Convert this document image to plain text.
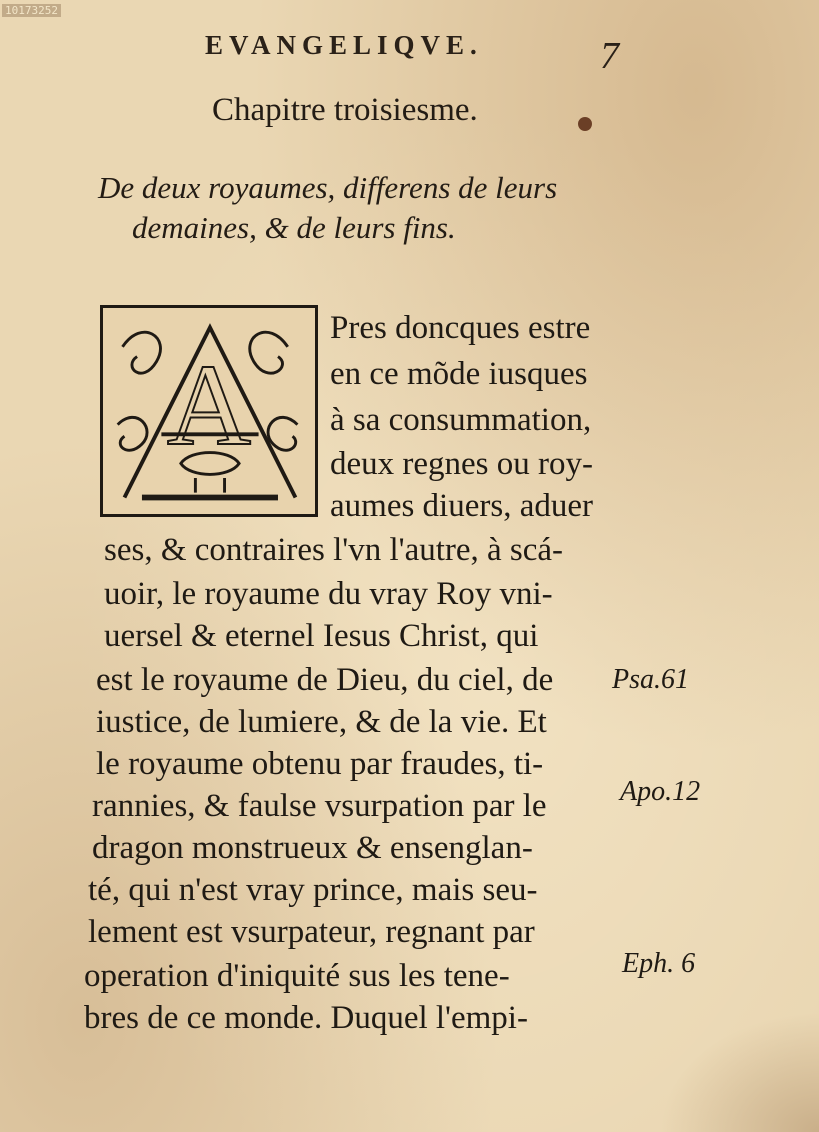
10173252
EVANGELIQVE.	7
Chapitre troisiesme.
De deux royaumes, differens de leurs
demaines, & de leurs fins.
A
Pres doncques estre
en ce mõde iusques
à sa consummation,
deux regnes ou roy-
aumes diuers, aduer
ses, & contraires l'vn l'autre, à scá-
uoir, le royaume du vray Roy vni-
uersel & eternel Iesus Christ, qui
est le royaume de Dieu, du ciel, de
iustice, de lumiere, & de la vie. Et
le royaume obtenu par fraudes, ti-
rannies, & faulse vsurpation par le
dragon monstrueux & ensenglan-
té, qui n'est vray prince, mais seu-
lement est vsurpateur, regnant par
operation d'iniquité sus les tene-
bres de ce monde. Duquel l'empi-
Psa.61
Apo.12
Eph. 6
